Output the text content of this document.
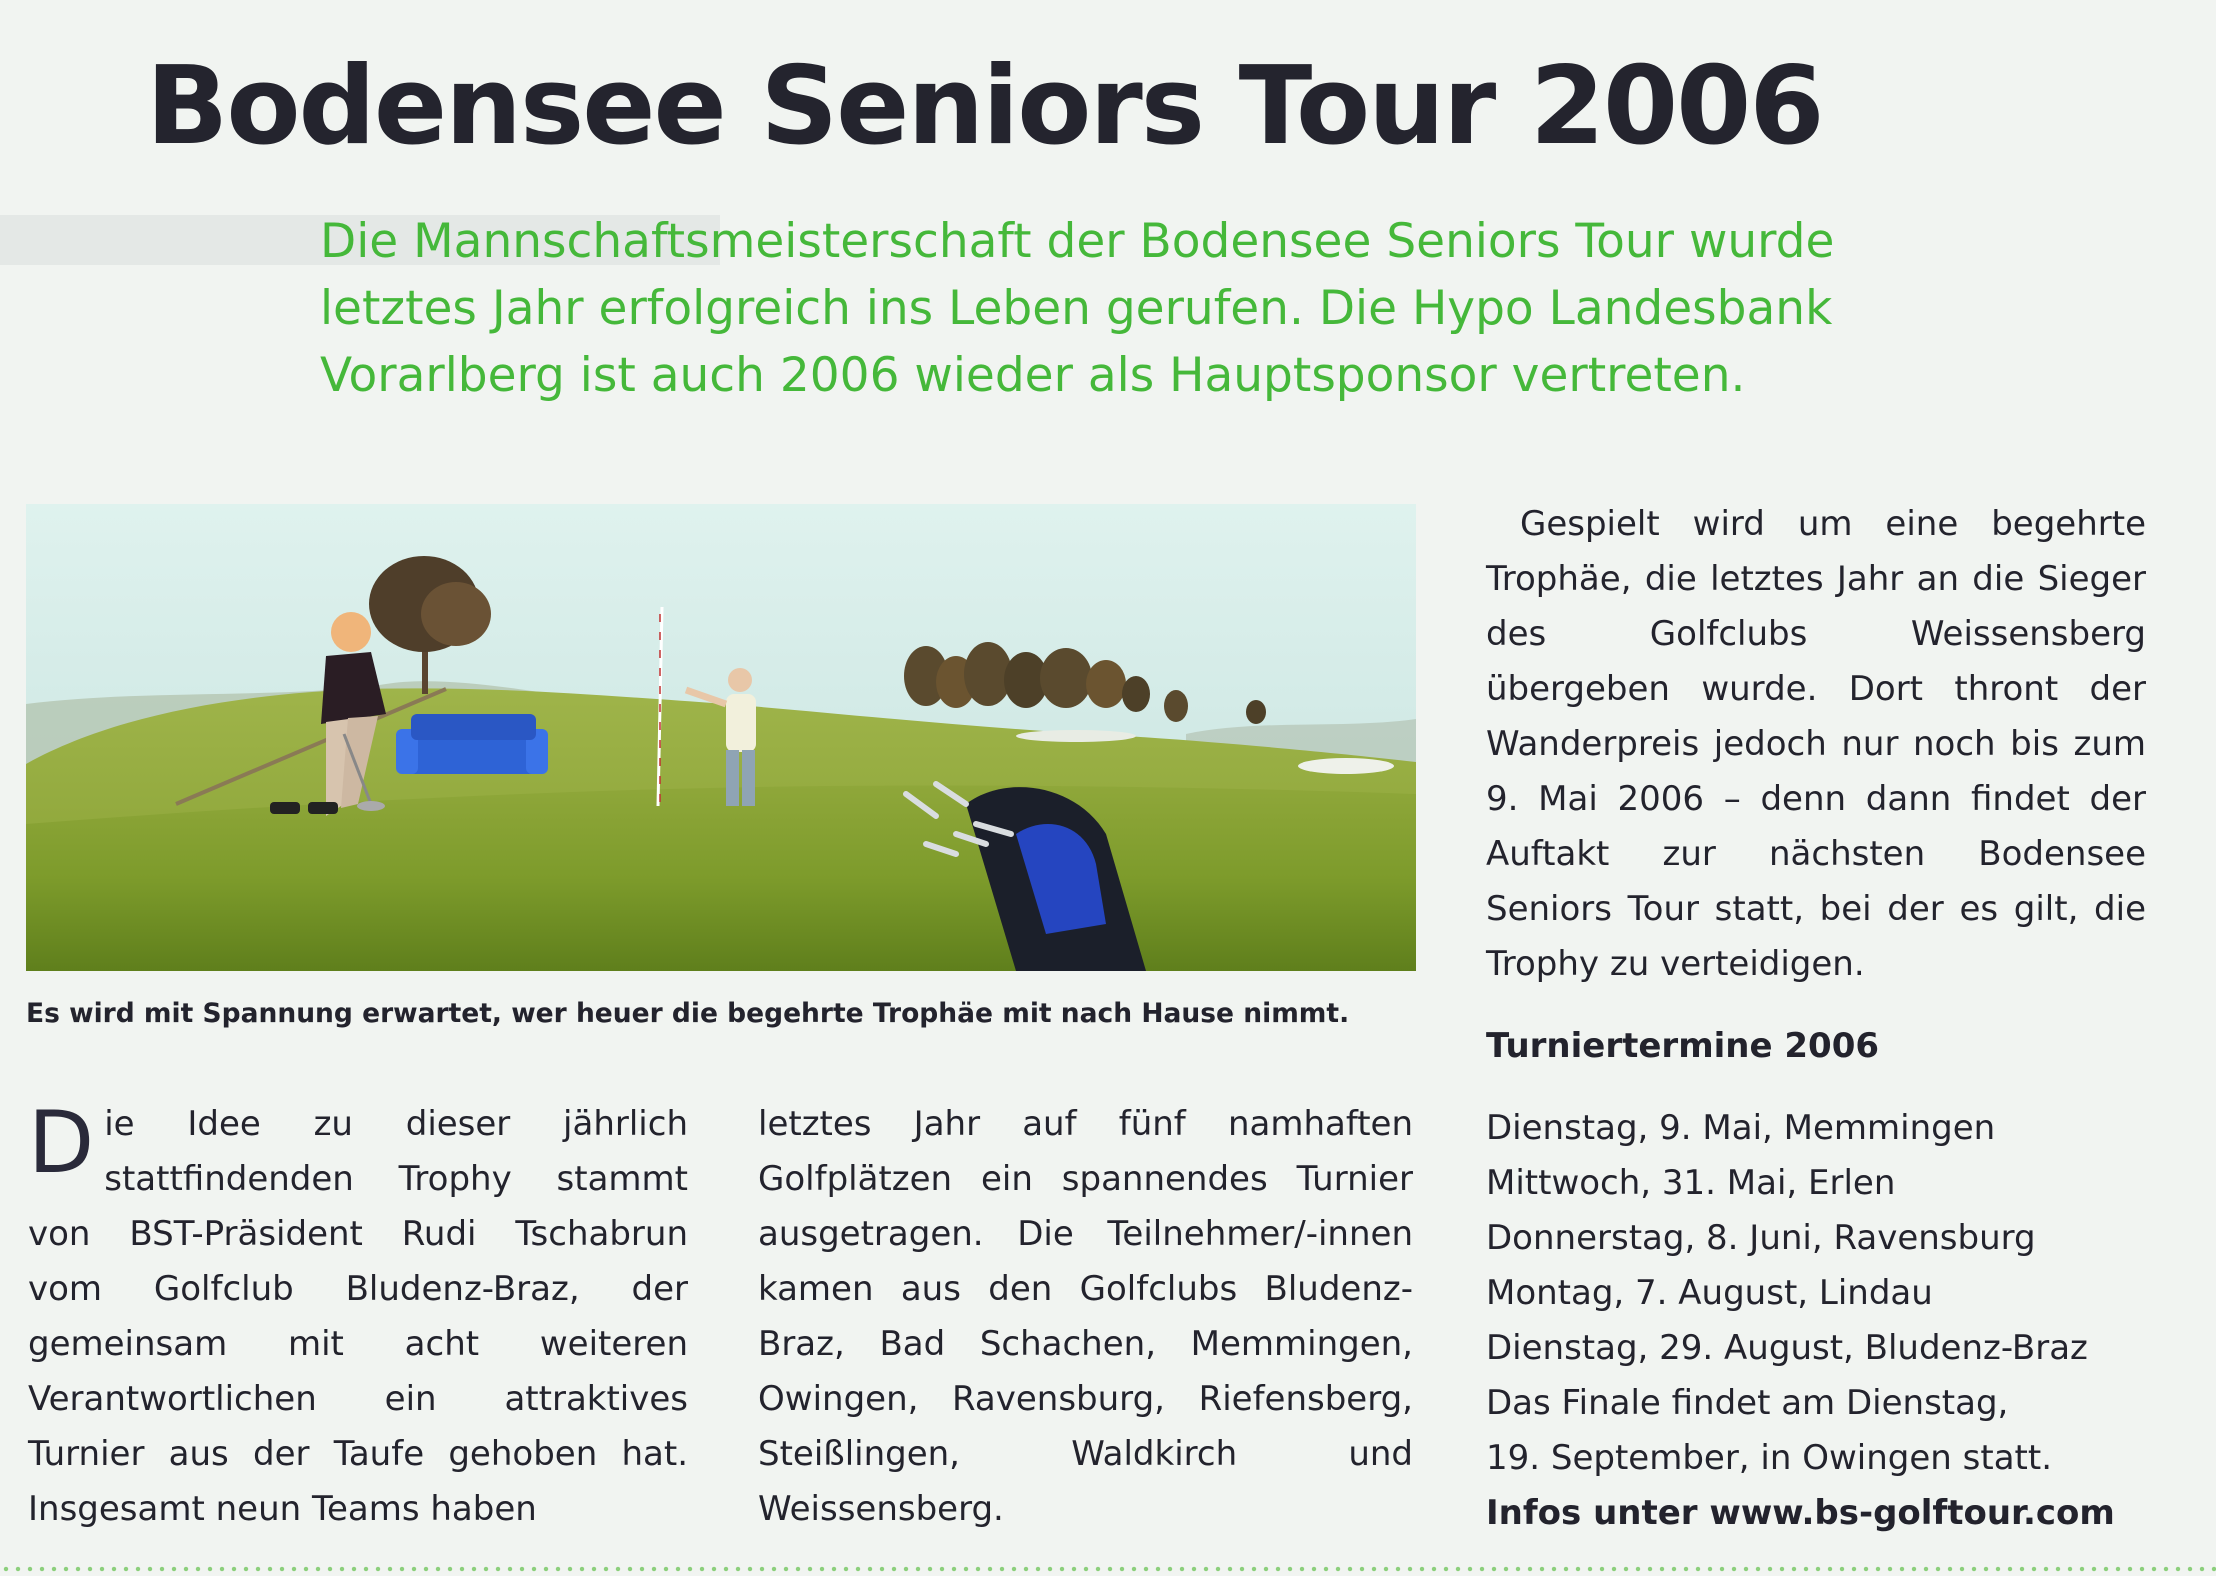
Bodensee Seniors Tour 2006
Die Mannschaftsmeisterschaft der Bodensee Seniors Tour wurde
letztes Jahr erfolgreich ins Leben gerufen. Die Hypo Landesbank
Vorarlberg ist auch 2006 wieder als Hauptsponsor vertreten.

Es wird mit Spannung erwartet, wer heuer die begehrte Trophäe mit nach Hause nimmt.

Die Idee zu dieser jährlich stattfindenden Trophy stammt von BST-Präsident Rudi Tschabrun vom Golfclub Bludenz-Braz, der gemeinsam mit acht weiteren Verantwortlichen ein attraktives Turnier aus der Taufe gehoben hat. Insgesamt neun Teams haben

letztes Jahr auf fünf namhaften Golfplätzen ein spannendes Turnier ausgetragen. Die Teilnehmer/-innen kamen aus den Golfclubs Bludenz-Braz, Bad Schachen, Memmingen, Owingen, Ravensburg, Riefensberg, Steißlingen, Waldkirch und Weissensberg.

 Gespielt wird um eine begehrte Trophäe, die letztes Jahr an die Sieger des Golfclubs Weissensberg übergeben wurde. Dort thront der Wanderpreis jedoch nur noch bis zum 9. Mai 2006 – denn dann findet der Auftakt zur nächsten Bodensee Seniors Tour statt, bei der es gilt, die Trophy zu verteidigen.

Turniertermine 2006

Dienstag, 9. Mai, Memmingen
Mittwoch, 31. Mai, Erlen
Donnerstag, 8. Juni, Ravensburg
Montag, 7. August, Lindau
Dienstag, 29. August, Bludenz-Braz
Das Finale findet am Dienstag,
19. September, in Owingen statt.

Infos unter www.bs-golftour.com
